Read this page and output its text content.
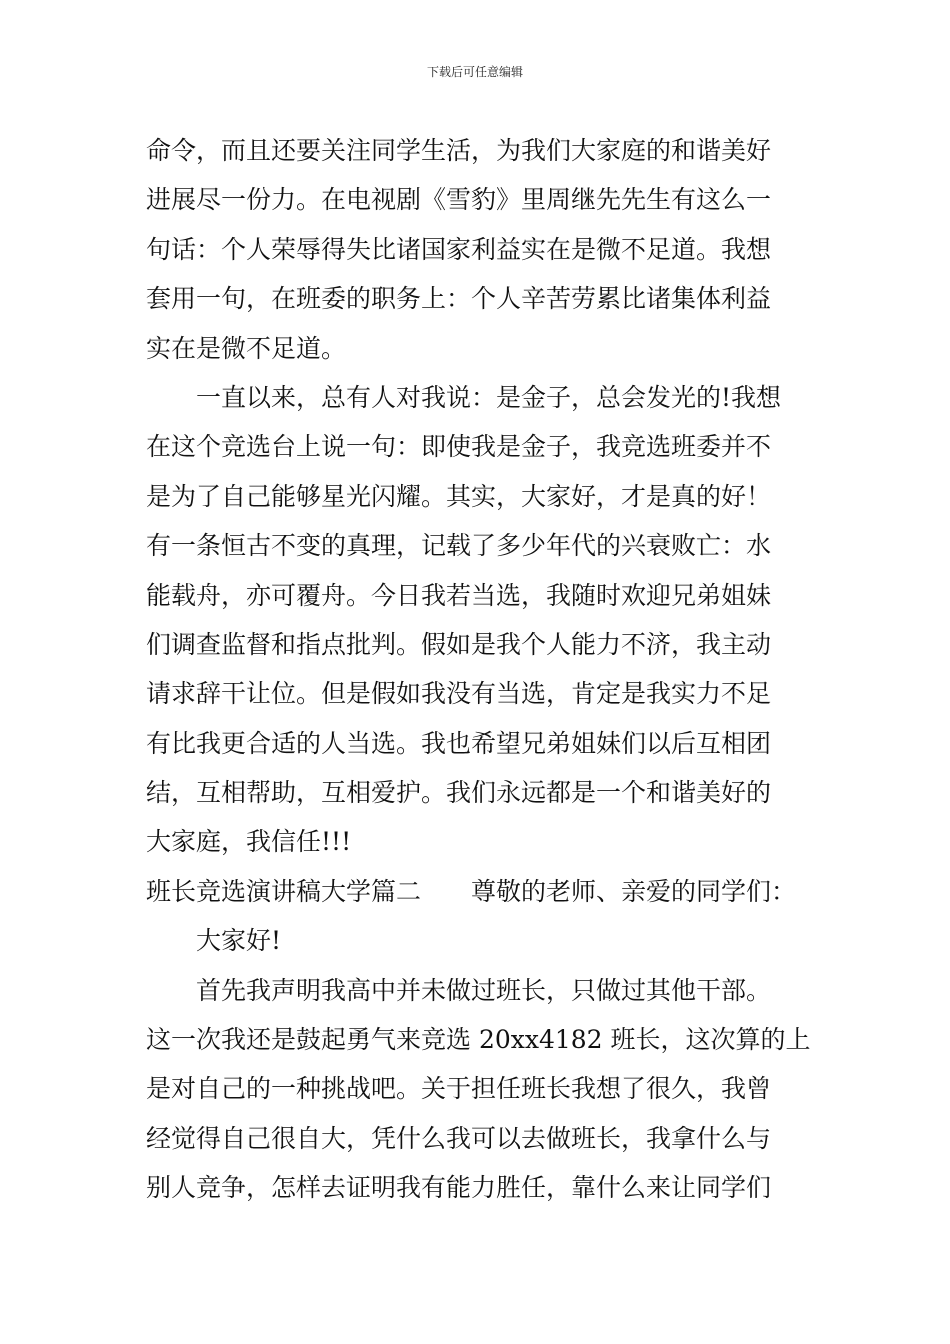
下载后可任意编辑
命令，而且还要关注同学生活，为我们大家庭的和谐美好
进展尽一份力。在电视剧《雪豹》里周继先先生有这么一
句话：个人荣辱得失比诸国家利益实在是微不足道。我想
套用一句，在班委的职务上：个人辛苦劳累比诸集体利益
实在是微不足道。
一直以来，总有人对我说：是金子，总会发光的!我想
在这个竞选台上说一句：即使我是金子，我竞选班委并不
是为了自己能够星光闪耀。其实，大家好，才是真的好！
有一条恒古不变的真理，记载了多少年代的兴衰败亡：水
能载舟，亦可覆舟。今日我若当选，我随时欢迎兄弟姐妹
们调查监督和指点批判。假如是我个人能力不济，我主动
请求辞干让位。但是假如我没有当选，肯定是我实力不足
有比我更合适的人当选。我也希望兄弟姐妹们以后互相团
结，互相帮助，互相爱护。我们永远都是一个和谐美好的
大家庭，我信任!!!
班长竞选演讲稿大学篇二　　尊敬的老师、亲爱的同学们：
大家好!
首先我声明我高中并未做过班长，只做过其他干部。
这一次我还是鼓起勇气来竞选 20xx4182 班长，这次算的上
是对自己的一种挑战吧。关于担任班长我想了很久，我曾
经觉得自己很自大，凭什么我可以去做班长，我拿什么与
别人竞争，怎样去证明我有能力胜任，靠什么来让同学们
